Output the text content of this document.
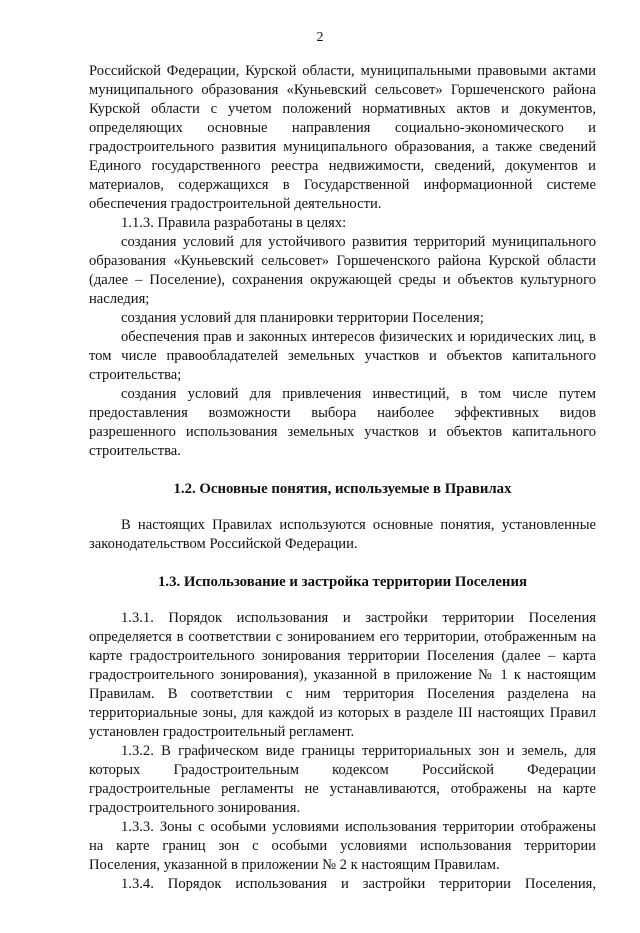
2

Российской Федерации, Курской области, муниципальными правовыми актами муниципального образования «Куньевский сельсовет» Горшеченского района Курской области с учетом положений нормативных актов и документов, определяющих основные направления социально-экономического и градостроительного развития муниципального образования, а также сведений Единого государственного реестра недвижимости, сведений, документов и материалов, содержащихся в Государственной информационной системе обеспечения градостроительной деятельности.

1.1.3. Правила разработаны в целях:

создания условий для устойчивого развития территорий муниципального образования «Куньевский сельсовет» Горшеченского района Курской области (далее – Поселение), сохранения окружающей среды и объектов культурного наследия;

создания условий для планировки территории Поселения;

обеспечения прав и законных интересов физических и юридических лиц, в том числе правообладателей земельных участков и объектов капитального строительства;

создания условий для привлечения инвестиций, в том числе путем предоставления возможности выбора наиболее эффективных видов разрешенного использования земельных участков и объектов капитального строительства.

1.2. Основные понятия, используемые в Правилах

В настоящих Правилах используются основные понятия, установленные законодательством Российской Федерации.

1.3. Использование и застройка территории Поселения

1.3.1. Порядок использования и застройки территории Поселения определяется в соответствии с зонированием его территории, отображенным на карте градостроительного зонирования территории Поселения (далее – карта градостроительного зонирования), указанной в приложение № 1 к настоящим Правилам. В соответствии с ним территория Поселения разделена на территориальные зоны, для каждой из которых в разделе III настоящих Правил установлен градостроительный регламент.

1.3.2. В графическом виде границы территориальных зон и земель, для которых Градостроительным кодексом Российской Федерации градостроительные регламенты не устанавливаются, отображены на карте градостроительного зонирования.

1.3.3. Зоны с особыми условиями использования территории отображены на карте границ зон с особыми условиями использования территории Поселения, указанной в приложении № 2 к настоящим Правилам.

1.3.4. Порядок использования и застройки территории Поселения,
